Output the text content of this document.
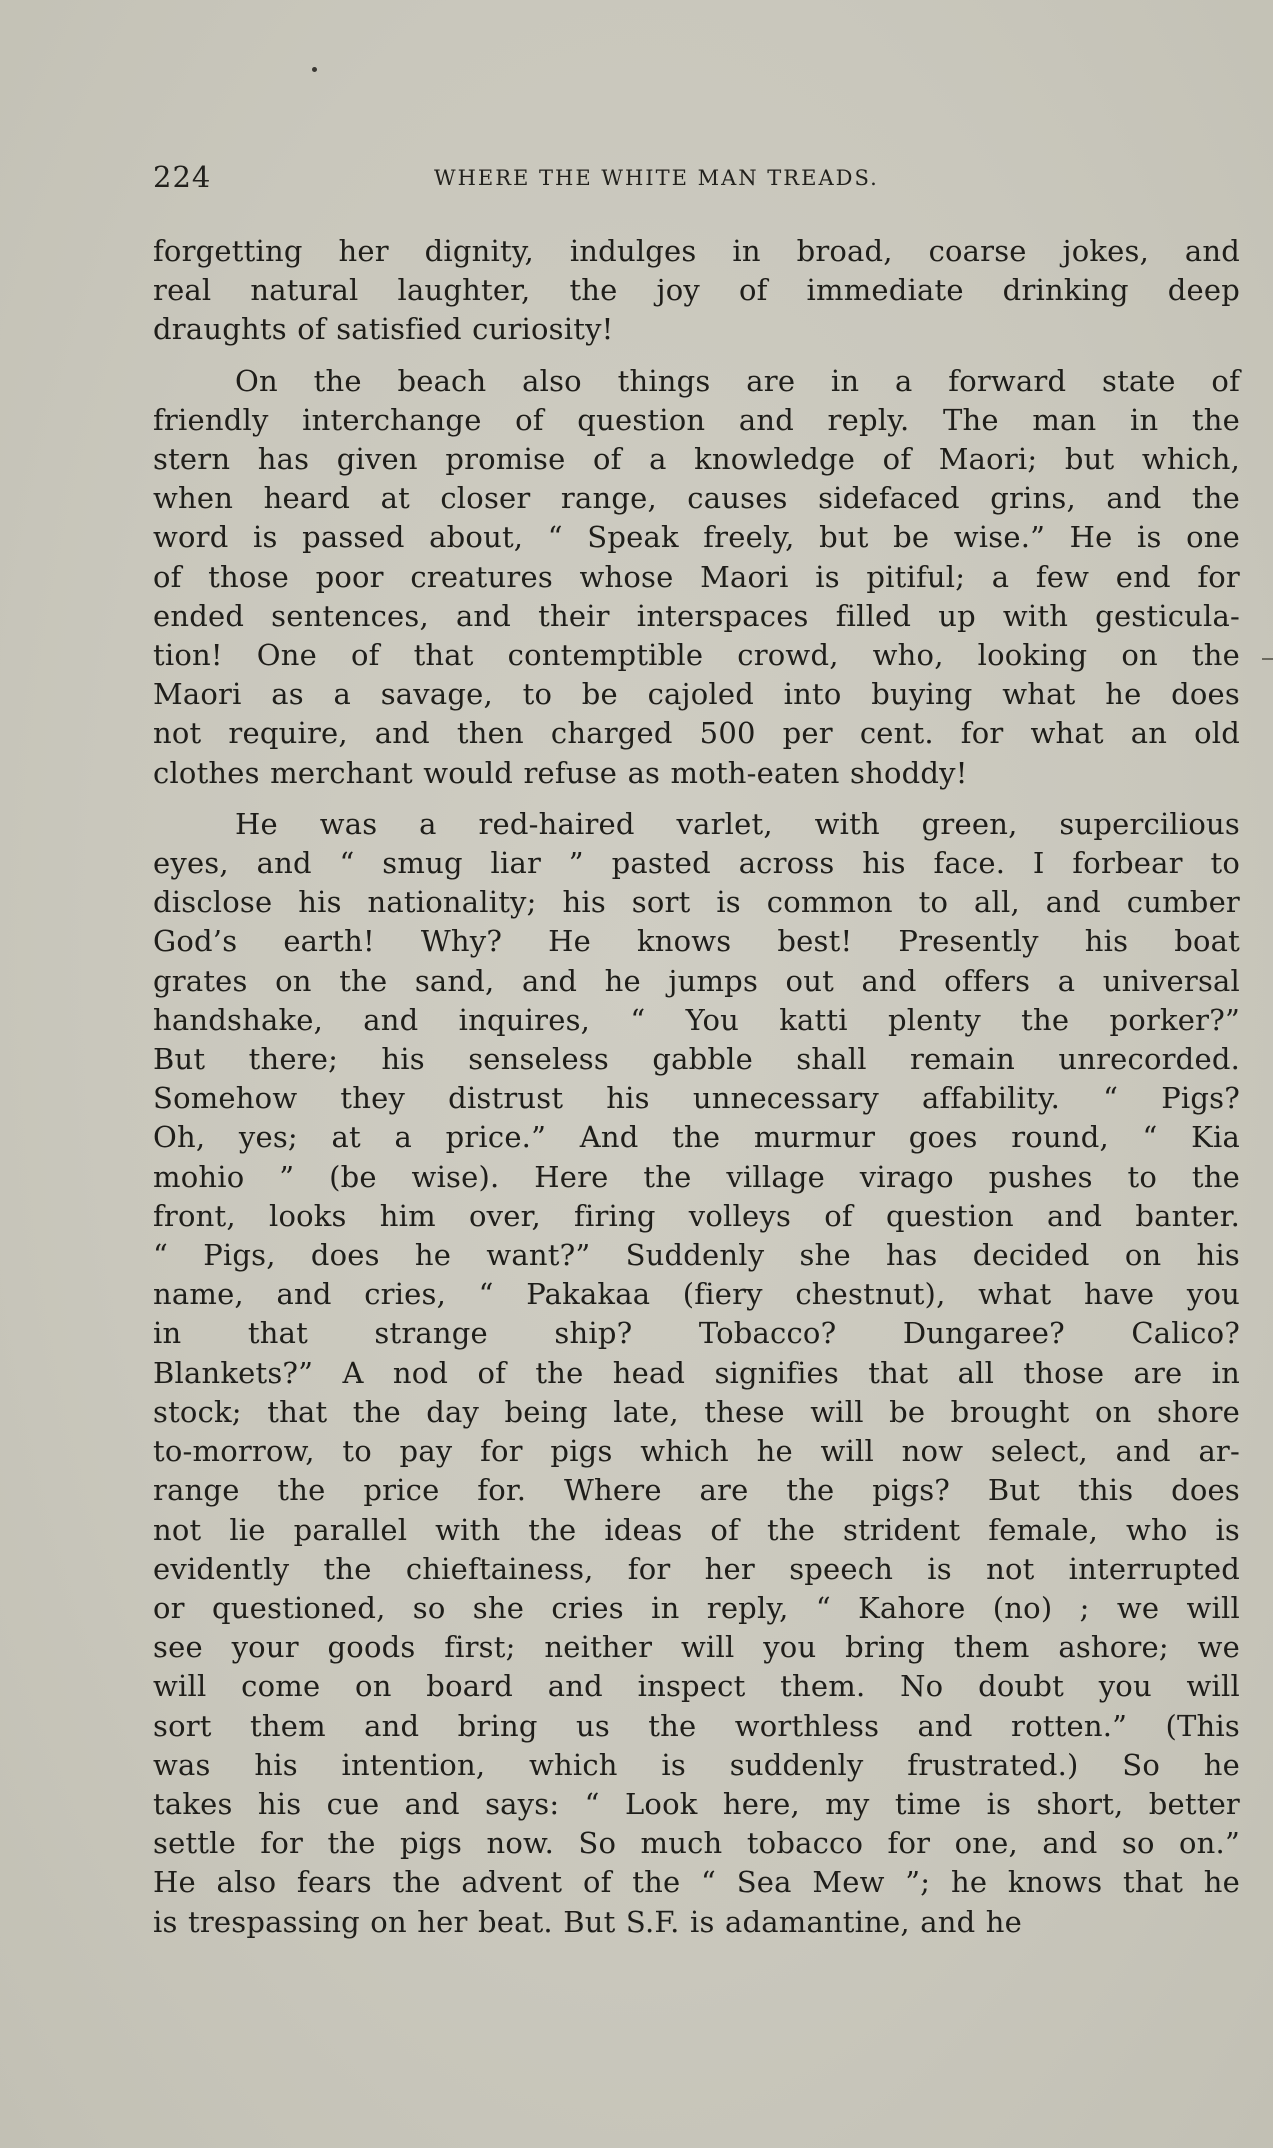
224	WHERE THE WHITE MAN TREADS.
forgetting her dignity, indulges in broad, coarse jokes, and
real natural laughter, the joy of immediate drinking deep
draughts of satisfied curiosity!
On the beach also things are in a forward state of
friendly interchange of question and reply. The man in the
stern has given promise of a knowledge of Maori; but which,
when heard at closer range, causes sidefaced grins, and the
word is passed about, “ Speak freely, but be wise.” He is one
of those poor creatures whose Maori is pitiful; a few end for
ended sentences, and their interspaces filled up with gesticula-
tion! One of that contemptible crowd, who, looking on the
Maori as a savage, to be cajoled into buying what he does
not require, and then charged 500 per cent. for what an old
clothes merchant would refuse as moth-eaten shoddy!
He was a red-haired varlet, with green, supercilious
eyes, and “ smug liar ” pasted across his face. I forbear to
disclose his nationality; his sort is common to all, and cumber
God’s earth! Why? He knows best! Presently his boat
grates on the sand, and he jumps out and offers a universal
handshake, and inquires, “ You katti plenty the porker?”
But there; his senseless gabble shall remain unrecorded.
Somehow they distrust his unnecessary affability. “ Pigs?
Oh, yes; at a price.” And the murmur goes round, “ Kia
mohio ” (be wise). Here the village virago pushes to the
front, looks him over, firing volleys of question and banter.
“ Pigs, does he want?” Suddenly she has decided on his
name, and cries, “ Pakakaa (fiery chestnut), what have you
in that strange ship? Tobacco? Dungaree? Calico?
Blankets?” A nod of the head signifies that all those are in
stock; that the day being late, these will be brought on shore
to-morrow, to pay for pigs which he will now select, and ar-
range the price for. Where are the pigs? But this does
not lie parallel with the ideas of the strident female, who is
evidently the chieftainess, for her speech is not interrupted
or questioned, so she cries in reply, “ Kahore (no) ; we will
see your goods first; neither will you bring them ashore; we
will come on board and inspect them. No doubt you will
sort them and bring us the worthless and rotten.” (This
was his intention, which is suddenly frustrated.) So he
takes his cue and says: “ Look here, my time is short, better
settle for the pigs now. So much tobacco for one, and so on.”
He also fears the advent of the “ Sea Mew ”; he knows that he
is trespassing on her beat. But S.F. is adamantine, and he
